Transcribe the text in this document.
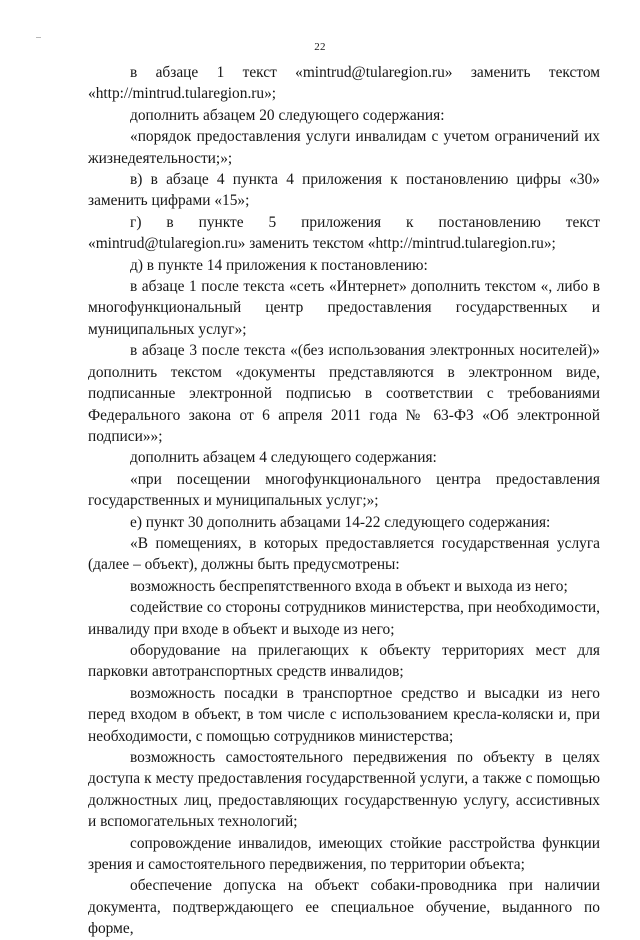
22

в абзаце 1 текст «mintrud@tularegion.ru» заменить текстом «http://mintrud.tularegion.ru»;

дополнить абзацем 20 следующего содержания:

«порядок предоставления услуги инвалидам с учетом ограничений их жизнедеятельности;»;

в) в абзаце 4 пункта 4 приложения к постановлению цифры «30» заменить цифрами «15»;

г) в пункте 5 приложения к постановлению текст «mintrud@tularegion.ru» заменить текстом «http://mintrud.tularegion.ru»;

д) в пункте 14 приложения к постановлению:

в абзаце 1 после текста «сеть «Интернет» дополнить текстом «, либо в многофункциональный центр предоставления государственных и муниципальных услуг»;

в абзаце 3 после текста «(без использования электронных носителей)» дополнить текстом «документы представляются в электронном виде, подписанные электронной подписью в соответствии с требованиями Федерального закона от 6 апреля 2011 года № 63-ФЗ «Об электронной подписи»»;

дополнить абзацем 4 следующего содержания:

«при посещении многофункционального центра предоставления государственных и муниципальных услуг;»;

е) пункт 30 дополнить абзацами 14-22 следующего содержания:

«В помещениях, в которых предоставляется государственная услуга (далее – объект), должны быть предусмотрены:

возможность беспрепятственного входа в объект и выхода из него;

содействие со стороны сотрудников министерства, при необходимости, инвалиду при входе в объект и выходе из него;

оборудование на прилегающих к объекту территориях мест для парковки автотранспортных средств инвалидов;

возможность посадки в транспортное средство и высадки из него перед входом в объект, в том числе с использованием кресла-коляски и, при необходимости, с помощью сотрудников министерства;

возможность самостоятельного передвижения по объекту в целях доступа к месту предоставления государственной услуги, а также с помощью должностных лиц, предоставляющих государственную услугу, ассистивных и вспомогательных технологий;

сопровождение инвалидов, имеющих стойкие расстройства функции зрения и самостоятельного передвижения, по территории объекта;

обеспечение допуска на объект собаки-проводника при наличии документа, подтверждающего ее специальное обучение, выданного по форме,
